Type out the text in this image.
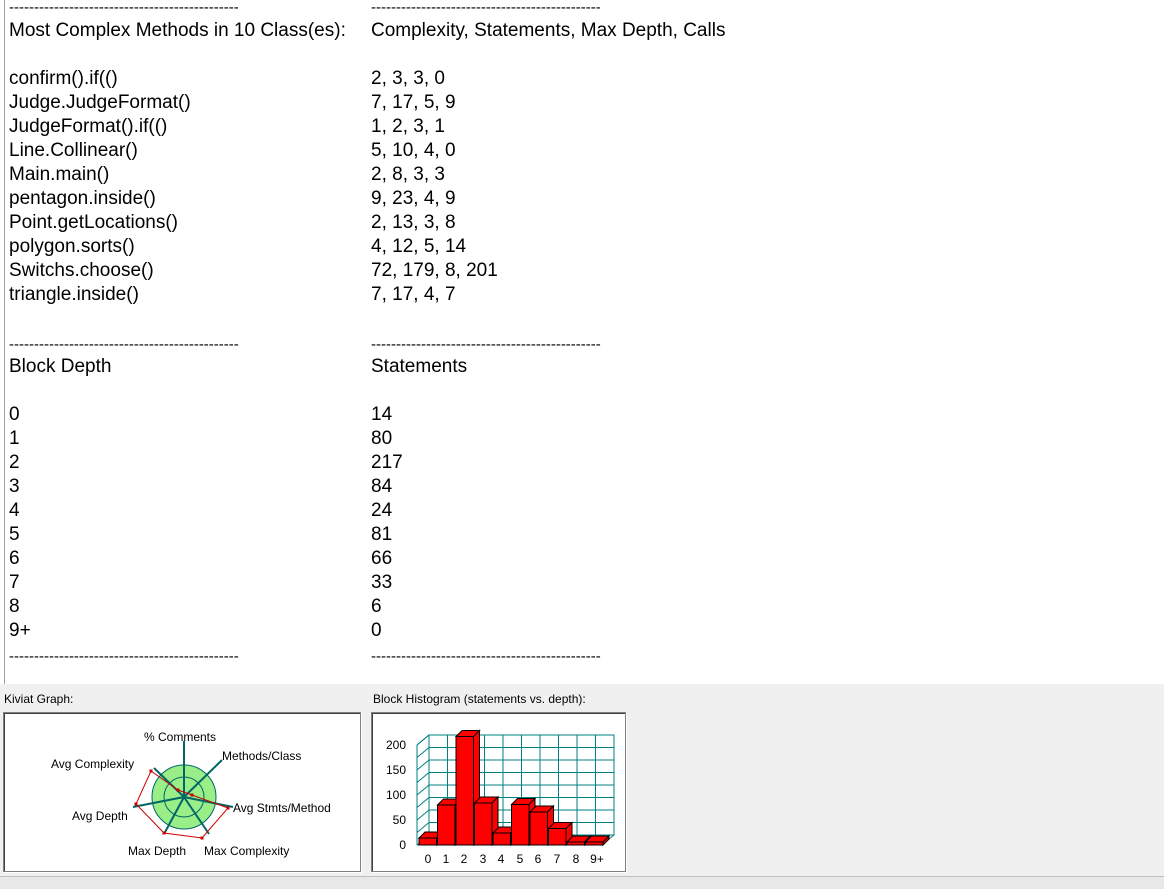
----------------------------------------------	----------------------------------------------
Most Complex Methods in 10 Class(es): Complexity, Statements, Max Depth, Calls
confirm().if(()	2, 3, 3, 0
Judge.JudgeFormat()	7, 17, 5, 9
JudgeFormat().if(()	1, 2, 3, 1
Line.Collinear()	5, 10, 4, 0
Main.main()	2, 8, 3, 3
pentagon.inside()	9, 23, 4, 9
Point.getLocations()	2, 13, 3, 8
polygon.sorts()	4, 12, 5, 14
Switchs.choose()	72, 179, 8, 201
triangle.inside()	7, 17, 4, 7
----------------------------------------------	----------------------------------------------
Block Depth	Statements
0	14
1	80
2	217
3	84
4	24
5	81
6	66
7	33
8	6
9+	0
----------------------------------------------	----------------------------------------------
Kiviat Graph:
% Comments
Methods/Class
Avg Stmts/Method
Max Complexity
Max Depth
Avg Depth
Avg Complexity
Block Histogram (statements vs. depth):
0
50
100
150
200
0 1 2 3 4 5 6 7 8 9+
